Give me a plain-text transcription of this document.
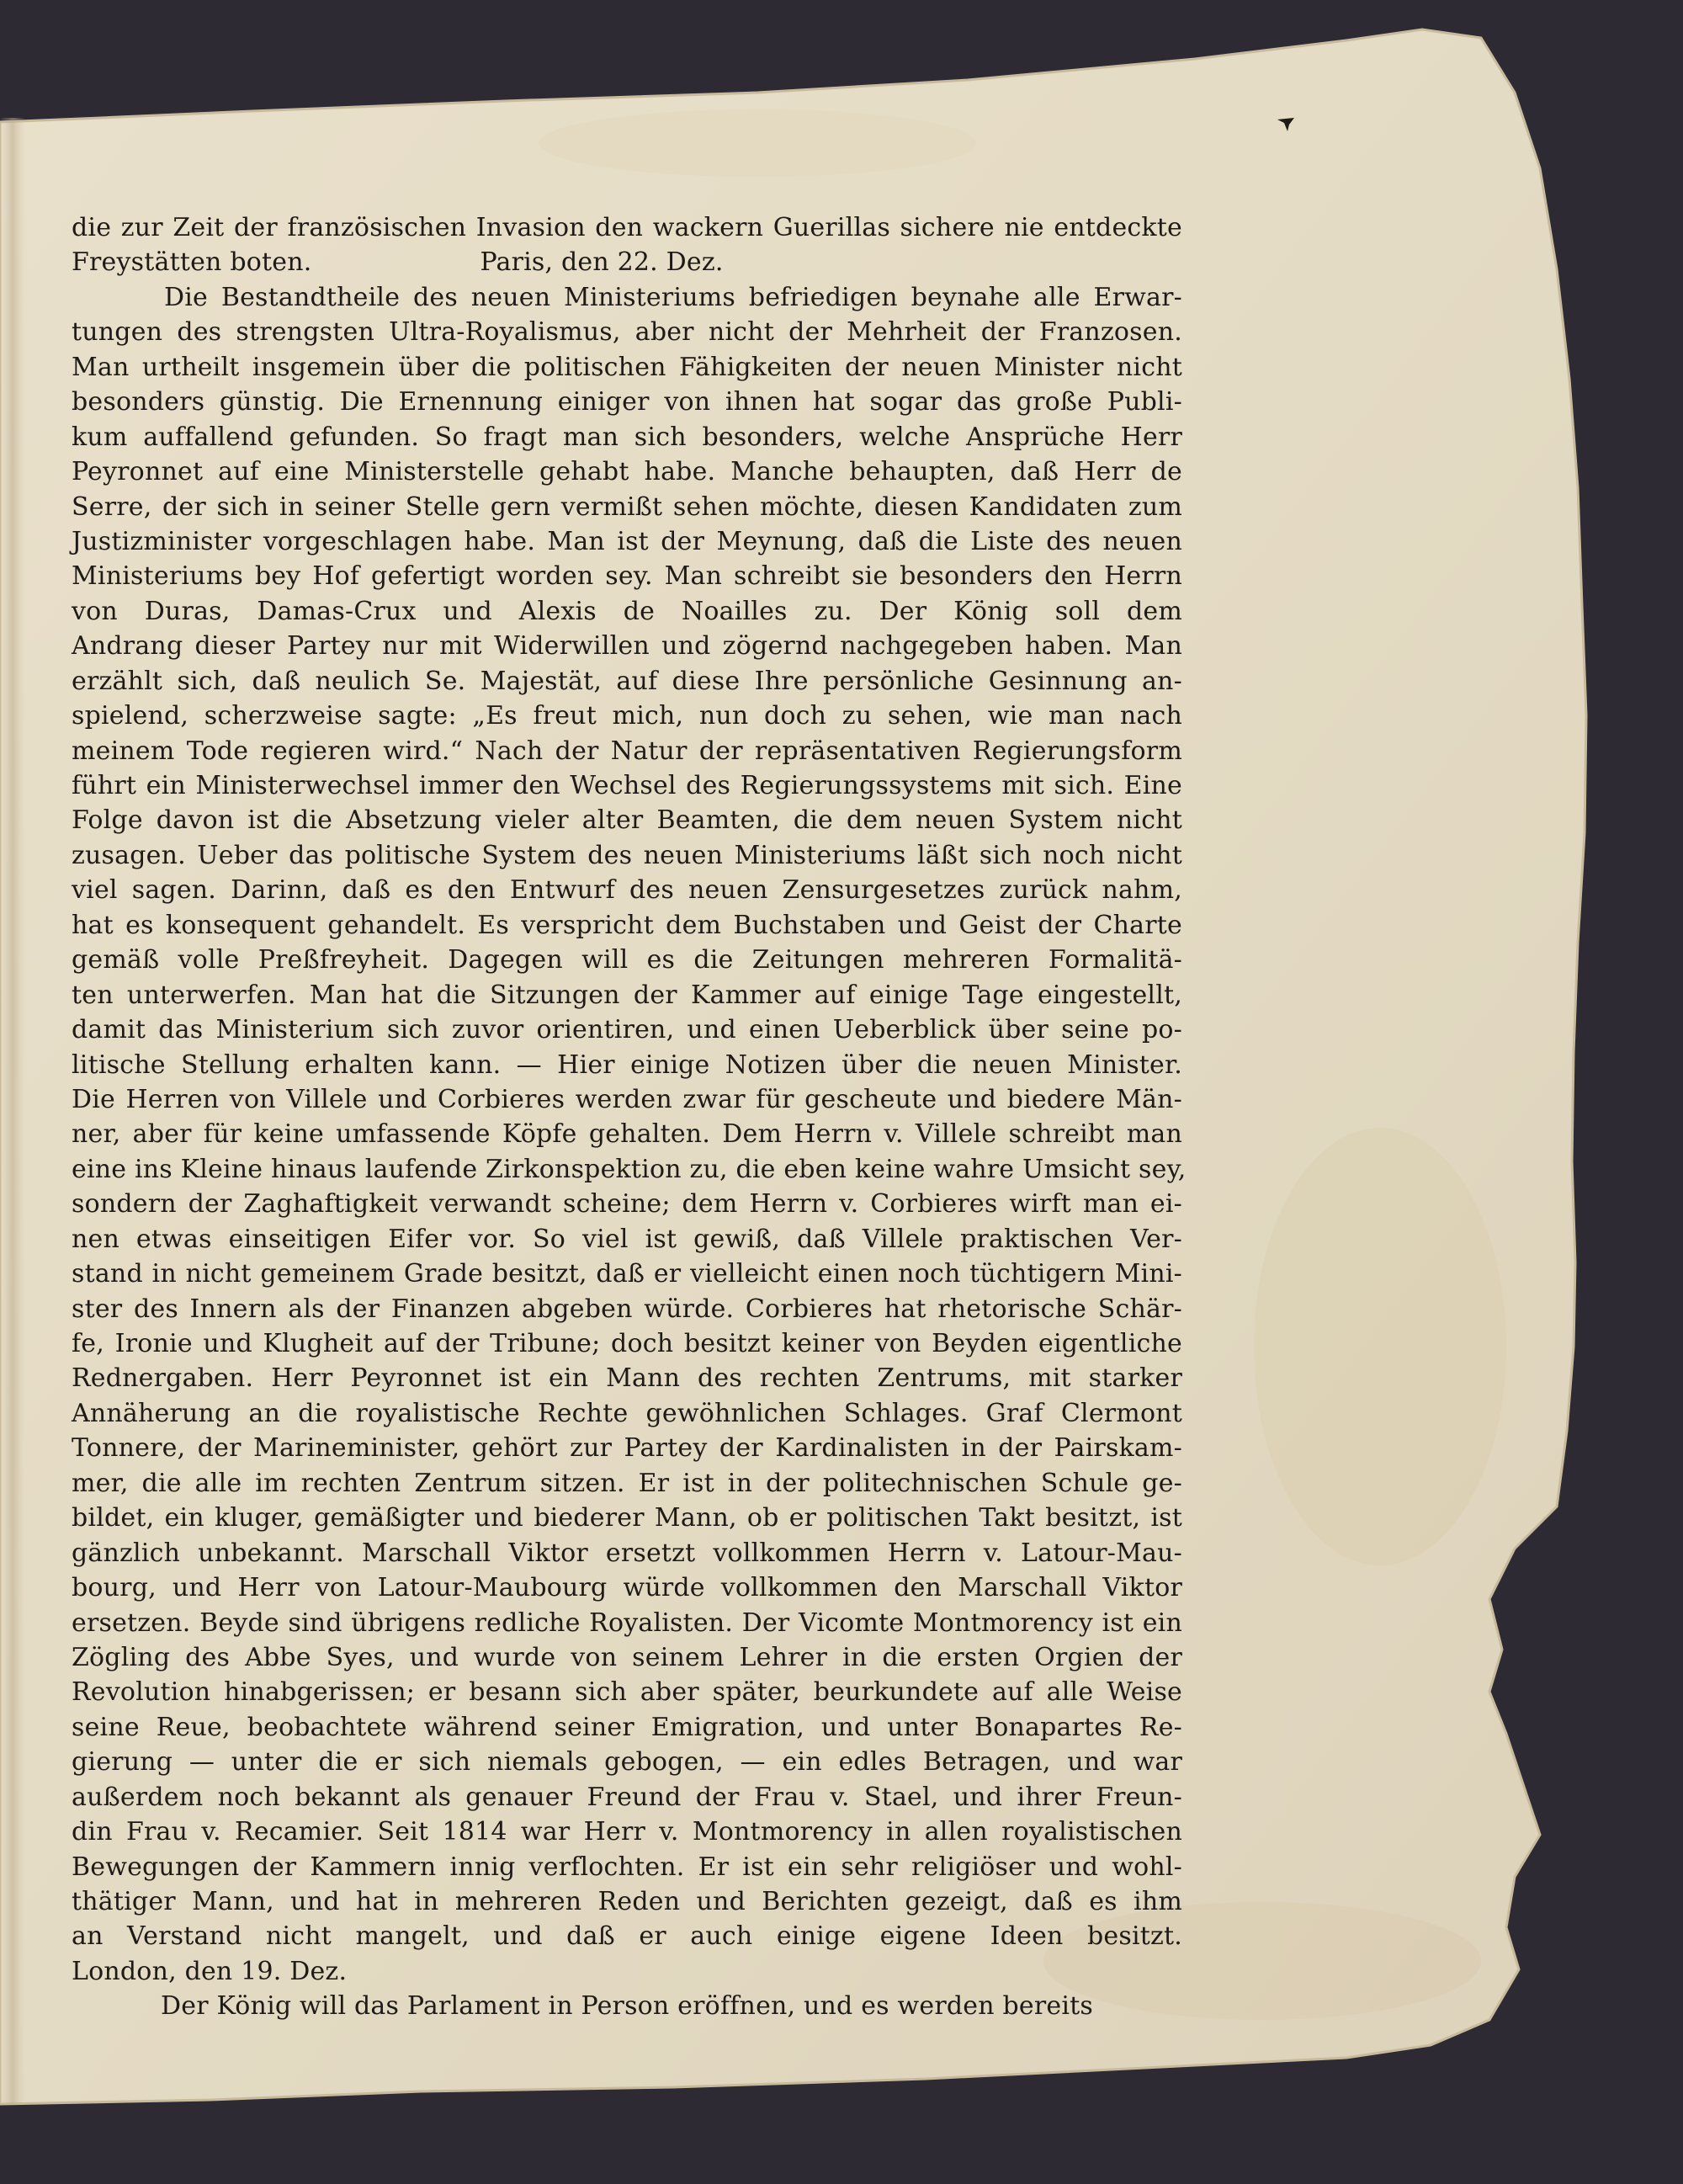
die zur Zeit der französischen Invasion den wackern Guerillas sichere nie entdeckte
Freystätten boten.	Paris, den 22. Dez.
Die Bestandtheile des neuen Ministeriums befriedigen beynahe alle Erwar-
tungen des strengsten Ultra-Royalismus, aber nicht der Mehrheit der Franzosen.
Man urtheilt insgemein über die politischen Fähigkeiten der neuen Minister nicht
besonders günstig. Die Ernennung einiger von ihnen hat sogar das große Publi-
kum auffallend gefunden. So fragt man sich besonders, welche Ansprüche Herr
Peyronnet auf eine Ministerstelle gehabt habe. Manche behaupten, daß Herr de
Serre, der sich in seiner Stelle gern vermißt sehen möchte, diesen Kandidaten zum
Justizminister vorgeschlagen habe. Man ist der Meynung, daß die Liste des neuen
Ministeriums bey Hof gefertigt worden sey. Man schreibt sie besonders den Herrn
von Duras, Damas-Crux und Alexis de Noailles zu. Der König soll dem
Andrang dieser Partey nur mit Widerwillen und zögernd nachgegeben haben. Man
erzählt sich, daß neulich Se. Majestät, auf diese Ihre persönliche Gesinnung an-
spielend, scherzweise sagte: „Es freut mich, nun doch zu sehen, wie man nach
meinem Tode regieren wird.“ Nach der Natur der repräsentativen Regierungsform
führt ein Ministerwechsel immer den Wechsel des Regierungssystems mit sich. Eine
Folge davon ist die Absetzung vieler alter Beamten, die dem neuen System nicht
zusagen. Ueber das politische System des neuen Ministeriums läßt sich noch nicht
viel sagen. Darinn, daß es den Entwurf des neuen Zensurgesetzes zurück nahm,
hat es konsequent gehandelt. Es verspricht dem Buchstaben und Geist der Charte
gemäß volle Preßfreyheit. Dagegen will es die Zeitungen mehreren Formalitä-
ten unterwerfen. Man hat die Sitzungen der Kammer auf einige Tage eingestellt,
damit das Ministerium sich zuvor orientiren, und einen Ueberblick über seine po-
litische Stellung erhalten kann. — Hier einige Notizen über die neuen Minister.
Die Herren von Villele und Corbieres werden zwar für gescheute und biedere Män-
ner, aber für keine umfassende Köpfe gehalten. Dem Herrn v. Villele schreibt man
eine ins Kleine hinaus laufende Zirkonspektion zu, die eben keine wahre Umsicht sey,
sondern der Zaghaftigkeit verwandt scheine; dem Herrn v. Corbieres wirft man ei-
nen etwas einseitigen Eifer vor. So viel ist gewiß, daß Villele praktischen Ver-
stand in nicht gemeinem Grade besitzt, daß er vielleicht einen noch tüchtigern Mini-
ster des Innern als der Finanzen abgeben würde. Corbieres hat rhetorische Schär-
fe, Ironie und Klugheit auf der Tribune; doch besitzt keiner von Beyden eigentliche
Rednergaben. Herr Peyronnet ist ein Mann des rechten Zentrums, mit starker
Annäherung an die royalistische Rechte gewöhnlichen Schlages. Graf Clermont
Tonnere, der Marineminister, gehört zur Partey der Kardinalisten in der Pairskam-
mer, die alle im rechten Zentrum sitzen. Er ist in der politechnischen Schule ge-
bildet, ein kluger, gemäßigter und biederer Mann, ob er politischen Takt besitzt, ist
gänzlich unbekannt. Marschall Viktor ersetzt vollkommen Herrn v. Latour-Mau-
bourg, und Herr von Latour-Maubourg würde vollkommen den Marschall Viktor
ersetzen. Beyde sind übrigens redliche Royalisten. Der Vicomte Montmorency ist ein
Zögling des Abbe Syes, und wurde von seinem Lehrer in die ersten Orgien der
Revolution hinabgerissen; er besann sich aber später, beurkundete auf alle Weise
seine Reue, beobachtete während seiner Emigration, und unter Bonapartes Re-
gierung — unter die er sich niemals gebogen, — ein edles Betragen, und war
außerdem noch bekannt als genauer Freund der Frau v. Stael, und ihrer Freun-
din Frau v. Recamier. Seit 1814 war Herr v. Montmorency in allen royalistischen
Bewegungen der Kammern innig verflochten. Er ist ein sehr religiöser und wohl-
thätiger Mann, und hat in mehreren Reden und Berichten gezeigt, daß es ihm
an Verstand nicht mangelt, und daß er auch einige eigene Ideen besitzt.
London, den 19. Dez.
Der König will das Parlament in Person eröffnen, und es werden bereits
